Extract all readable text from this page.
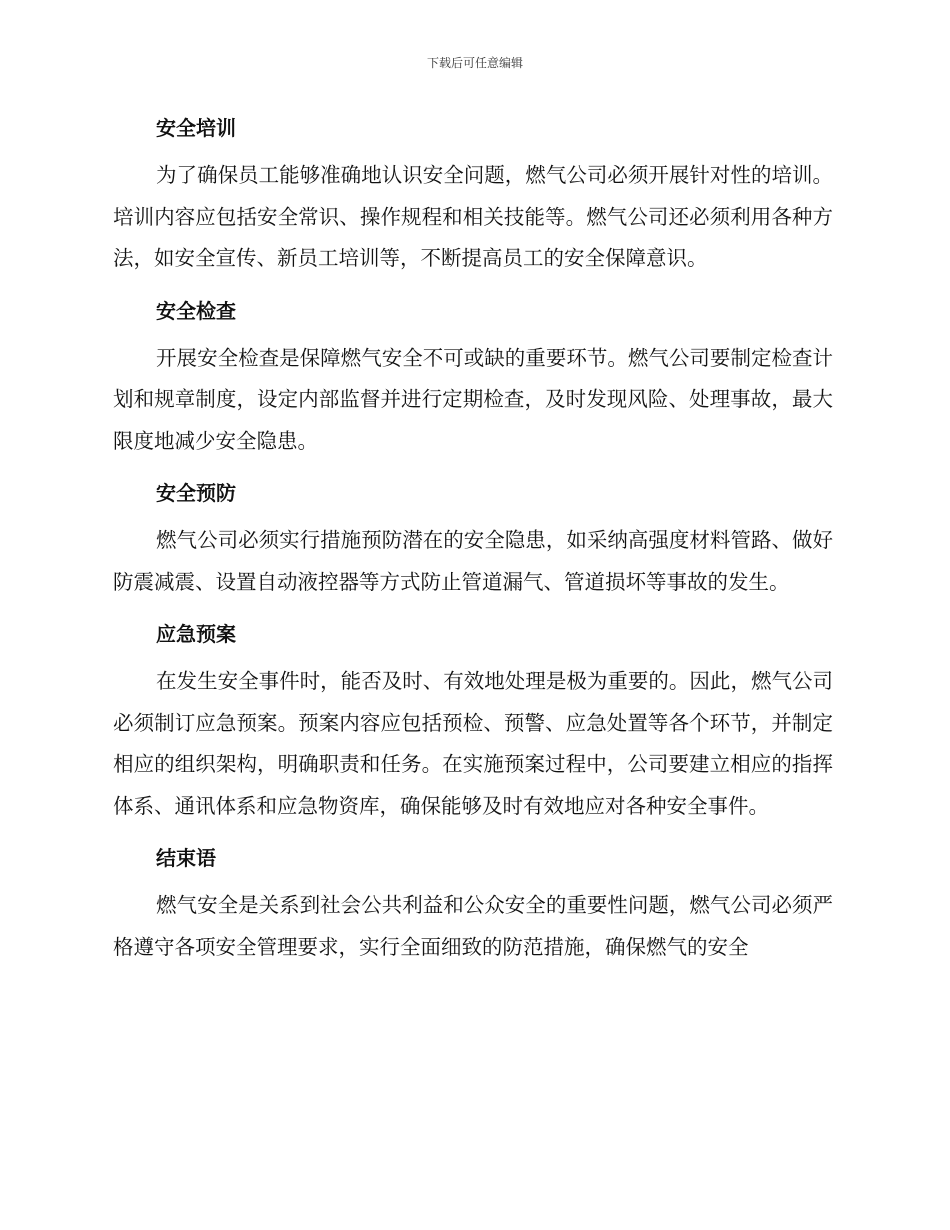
下载后可任意编辑
安全培训

为了确保员工能够准确地认识安全问题，燃气公司必须开展针对性的培训。培训内容应包括安全常识、操作规程和相关技能等。燃气公司还必须利用各种方法，如安全宣传、新员工培训等，不断提高员工的安全保障意识。

安全检查

开展安全检查是保障燃气安全不可或缺的重要环节。燃气公司要制定检查计划和规章制度，设定内部监督并进行定期检查，及时发现风险、处理事故，最大限度地减少安全隐患。

安全预防

燃气公司必须实行措施预防潜在的安全隐患，如采纳高强度材料管路、做好防震减震、设置自动液控器等方式防止管道漏气、管道损坏等事故的发生。

应急预案

在发生安全事件时，能否及时、有效地处理是极为重要的。因此，燃气公司必须制订应急预案。预案内容应包括预检、预警、应急处置等各个环节，并制定相应的组织架构，明确职责和任务。在实施预案过程中，公司要建立相应的指挥体系、通讯体系和应急物资库，确保能够及时有效地应对各种安全事件。

结束语

燃气安全是关系到社会公共利益和公众安全的重要性问题，燃气公司必须严格遵守各项安全管理要求，实行全面细致的防范措施，确保燃气的安全
